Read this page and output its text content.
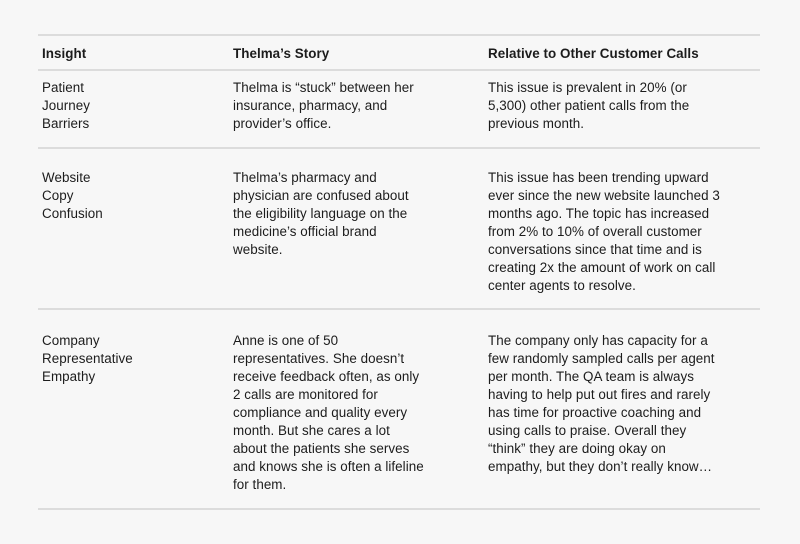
Insight	Thelma’s Story	Relative to Other Customer Calls
Patient
Journey
Barriers
Thelma is “stuck” between her
insurance, pharmacy, and
provider’s office.
This issue is prevalent in 20% (or
5,300) other patient calls from the
previous month.
Website
Copy
Confusion
Thelma’s pharmacy and
physician are confused about
the eligibility language on the
medicine’s official brand
website.
This issue has been trending upward
ever since the new website launched 3
months ago. The topic has increased
from 2% to 10% of overall customer
conversations since that time and is
creating 2x the amount of work on call
center agents to resolve.
Company
Representative
Empathy
Anne is one of 50
representatives. She doesn’t
receive feedback often, as only
2 calls are monitored for
compliance and quality every
month. But she cares a lot
about the patients she serves
and knows she is often a lifeline
for them.
The company only has capacity for a
few randomly sampled calls per agent
per month. The QA team is always
having to help put out fires and rarely
has time for proactive coaching and
using calls to praise. Overall they
“think” they are doing okay on
empathy, but they don’t really know…
